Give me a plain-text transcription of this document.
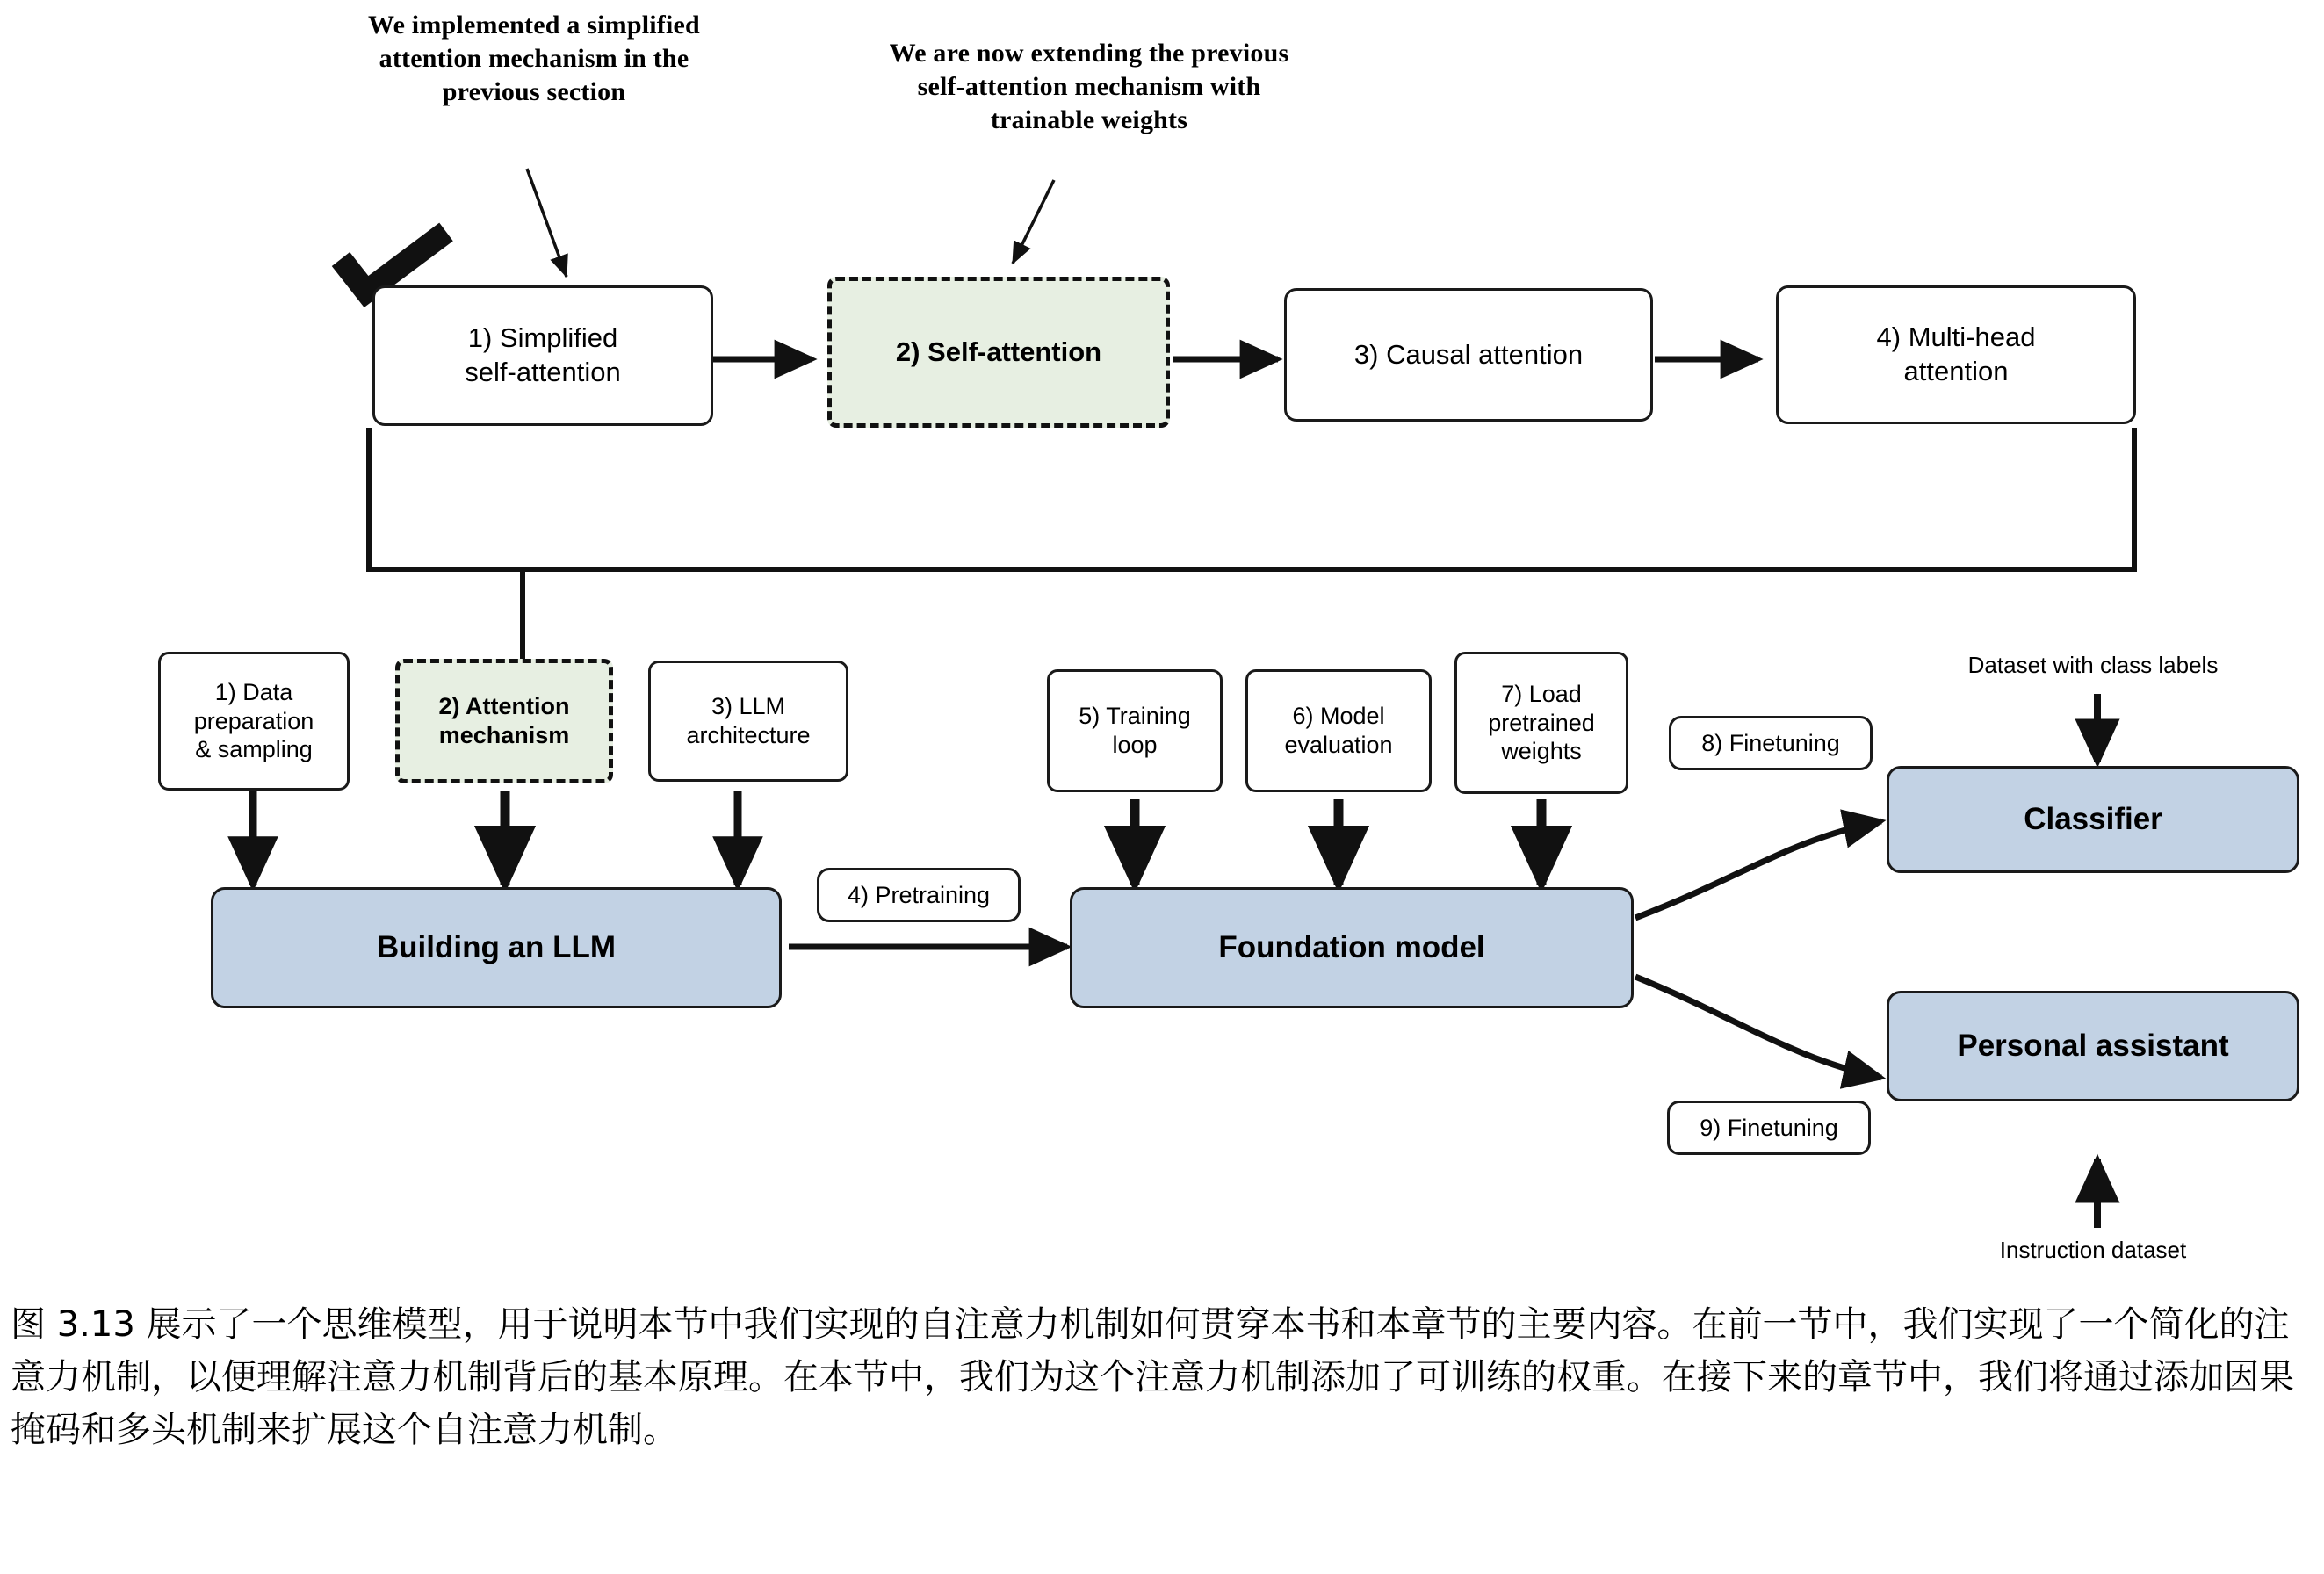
We implemented a simplified
attention mechanism in the
previous section
We are now extending the previous
self-attention mechanism with
trainable weights
1) Simplified
self-attention
2) Self-attention	3) Causal attention
4) Multi-head
attention
1) Data
preparation
& sampling
2) Attention
mechanism
3) LLM
architecture
5) Training
loop
6) Model
evaluation
7) Load
pretrained
weights
4) Pretraining
8) Finetuning
9) Finetuning
Building an LLM	Foundation model
Classifier
Personal assistant
Dataset with class labels
Instruction dataset

图 3.13 展示了一个思维模型，用于说明本节中我们实现的自注意力机制如何贯穿本书和本章节的主要内容。在前一节中，我们实现了一个简化的注意力机制，以便理解注意力机制背后的基本原理。在本节中，我们为这个注意力机制添加了可训练的权重。在接下来的章节中，我们将通过添加因果掩码和多头机制来扩展这个自注意力机制。
